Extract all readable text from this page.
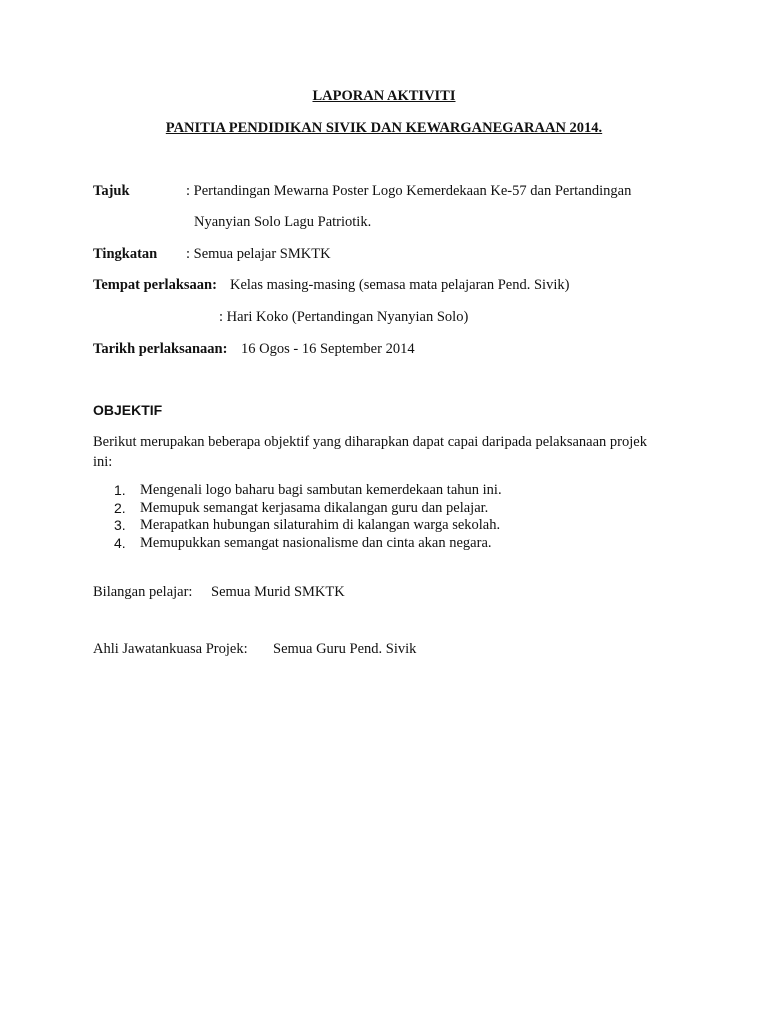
LAPORAN AKTIVITI
PANITIA PENDIDIKAN SIVIK DAN KEWARGANEGARAAN 2014.
Tajuk	: Pertandingan Mewarna Poster Logo Kemerdekaan Ke-57 dan Pertandingan
Nyanyian Solo Lagu Patriotik.
Tingkatan : Semua pelajar SMKTK
Tempat perlaksaan: Kelas masing-masing (semasa mata pelajaran Pend. Sivik)
: Hari Koko (Pertandingan Nyanyian Solo)
Tarikh perlaksanaan: 16 Ogos - 16 September 2014
OBJEKTIF
Berikut merupakan beberapa objektif yang diharapkan dapat capai daripada pelaksanaan projek ini:
Mengenali logo baharu bagi sambutan kemerdekaan tahun ini.
Memupuk semangat kerjasama dikalangan guru dan pelajar.
Merapatkan hubungan silaturahim di kalangan warga sekolah.
Memupukkan semangat nasionalisme dan cinta akan negara.
Bilangan pelajar: Semua Murid SMKTK
Ahli Jawatankuasa Projek: Semua Guru Pend. Sivik
